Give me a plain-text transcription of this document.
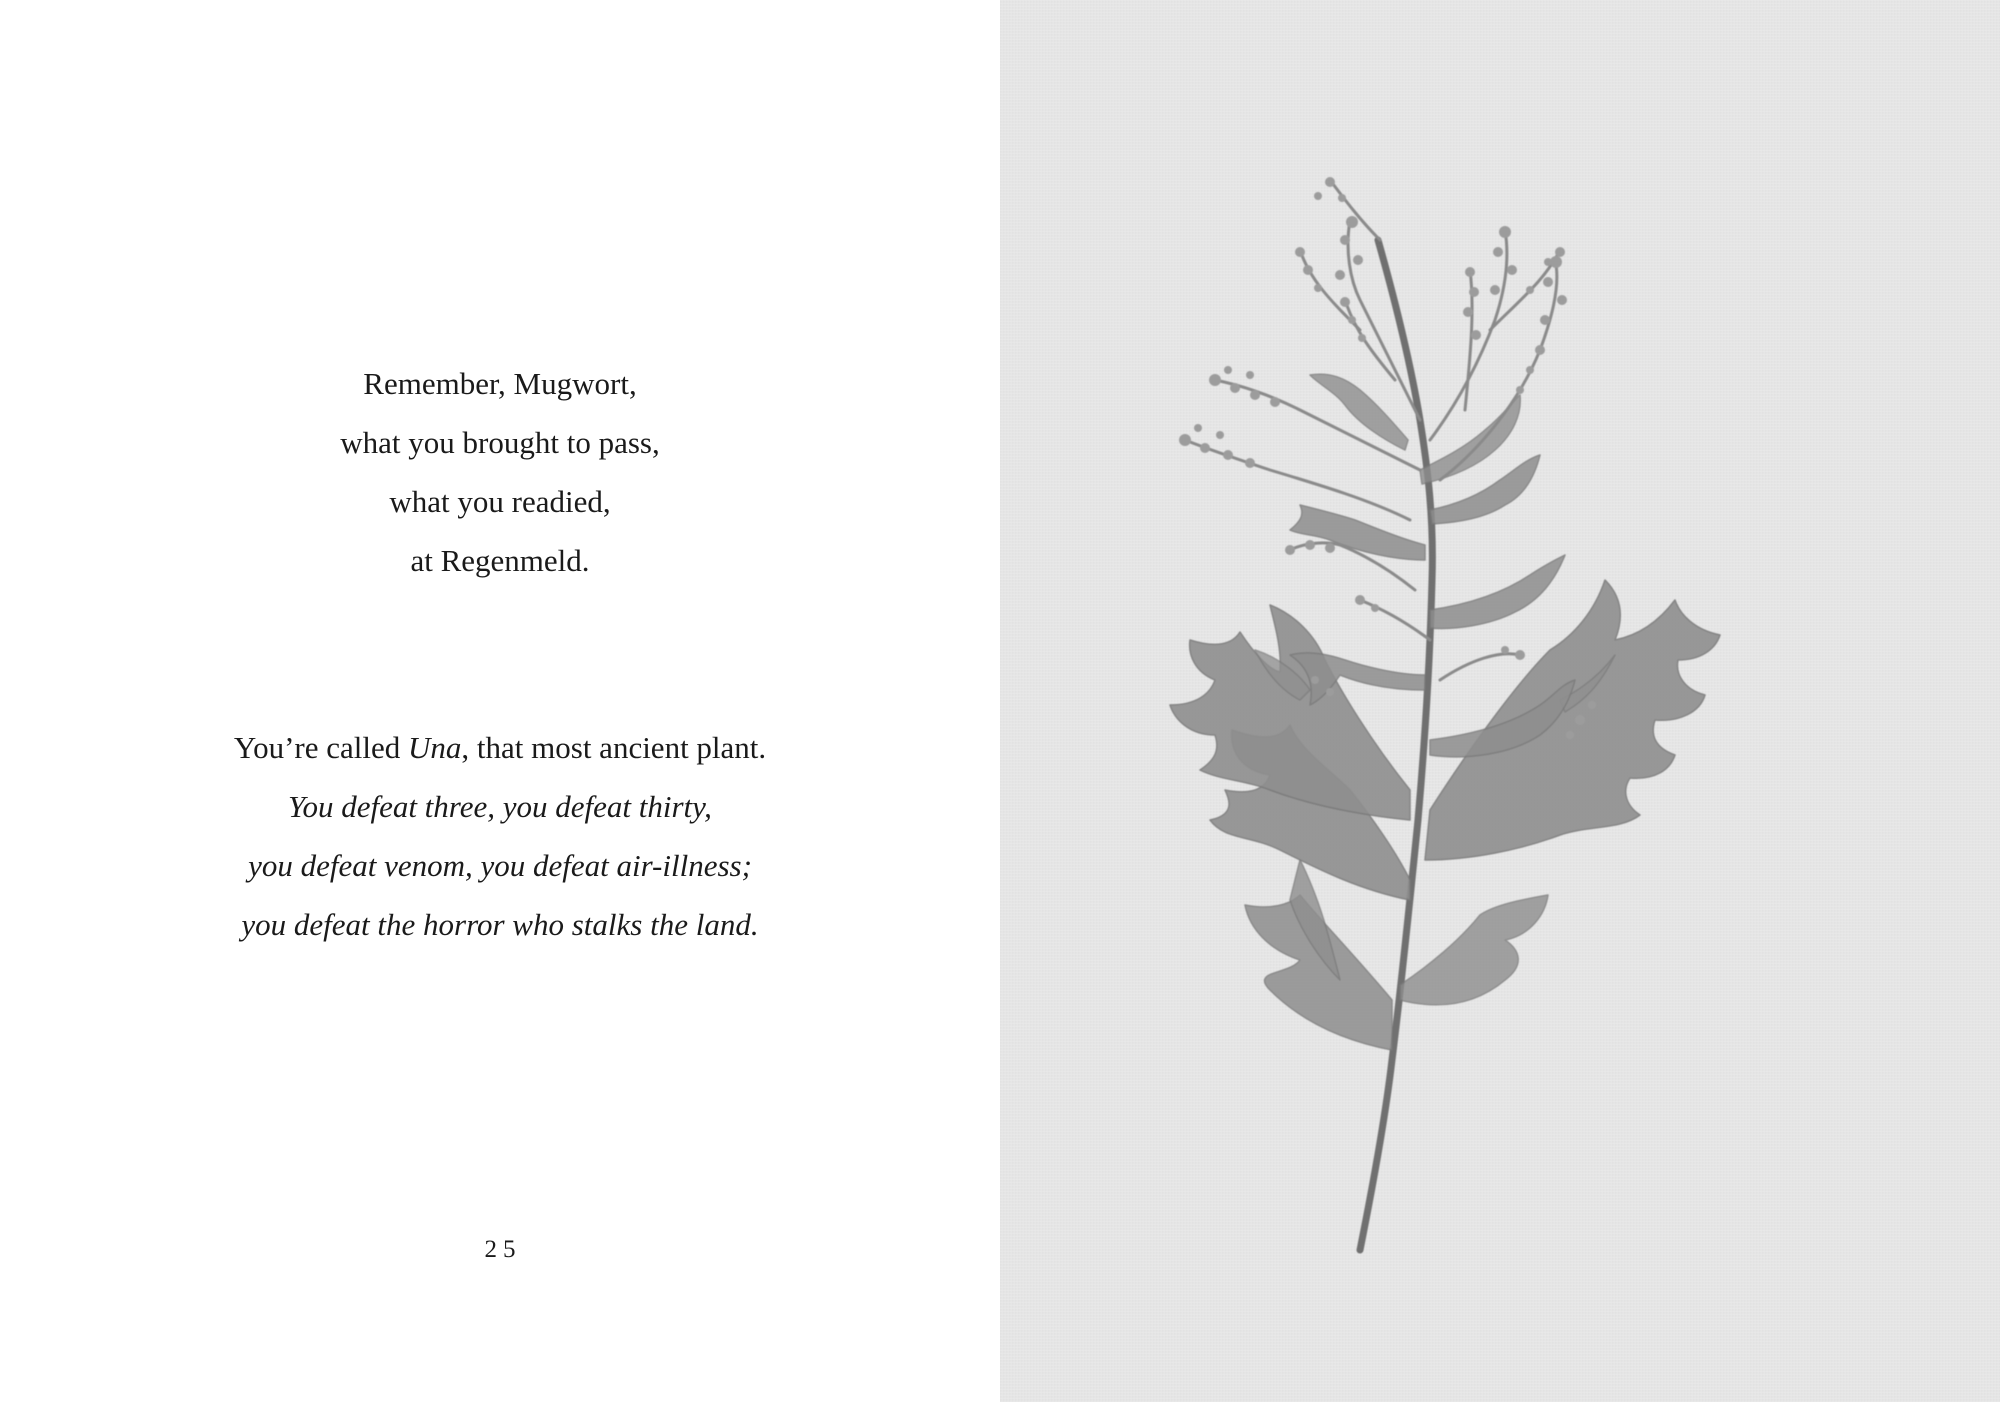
Remember, Mugwort,
what you brought to pass,
what you readied,
at Regenmeld.
You’re called Una, that most ancient plant.
You defeat three, you defeat thirty,
you defeat venom, you defeat air-illness;
you defeat the horror who stalks the land.
25
